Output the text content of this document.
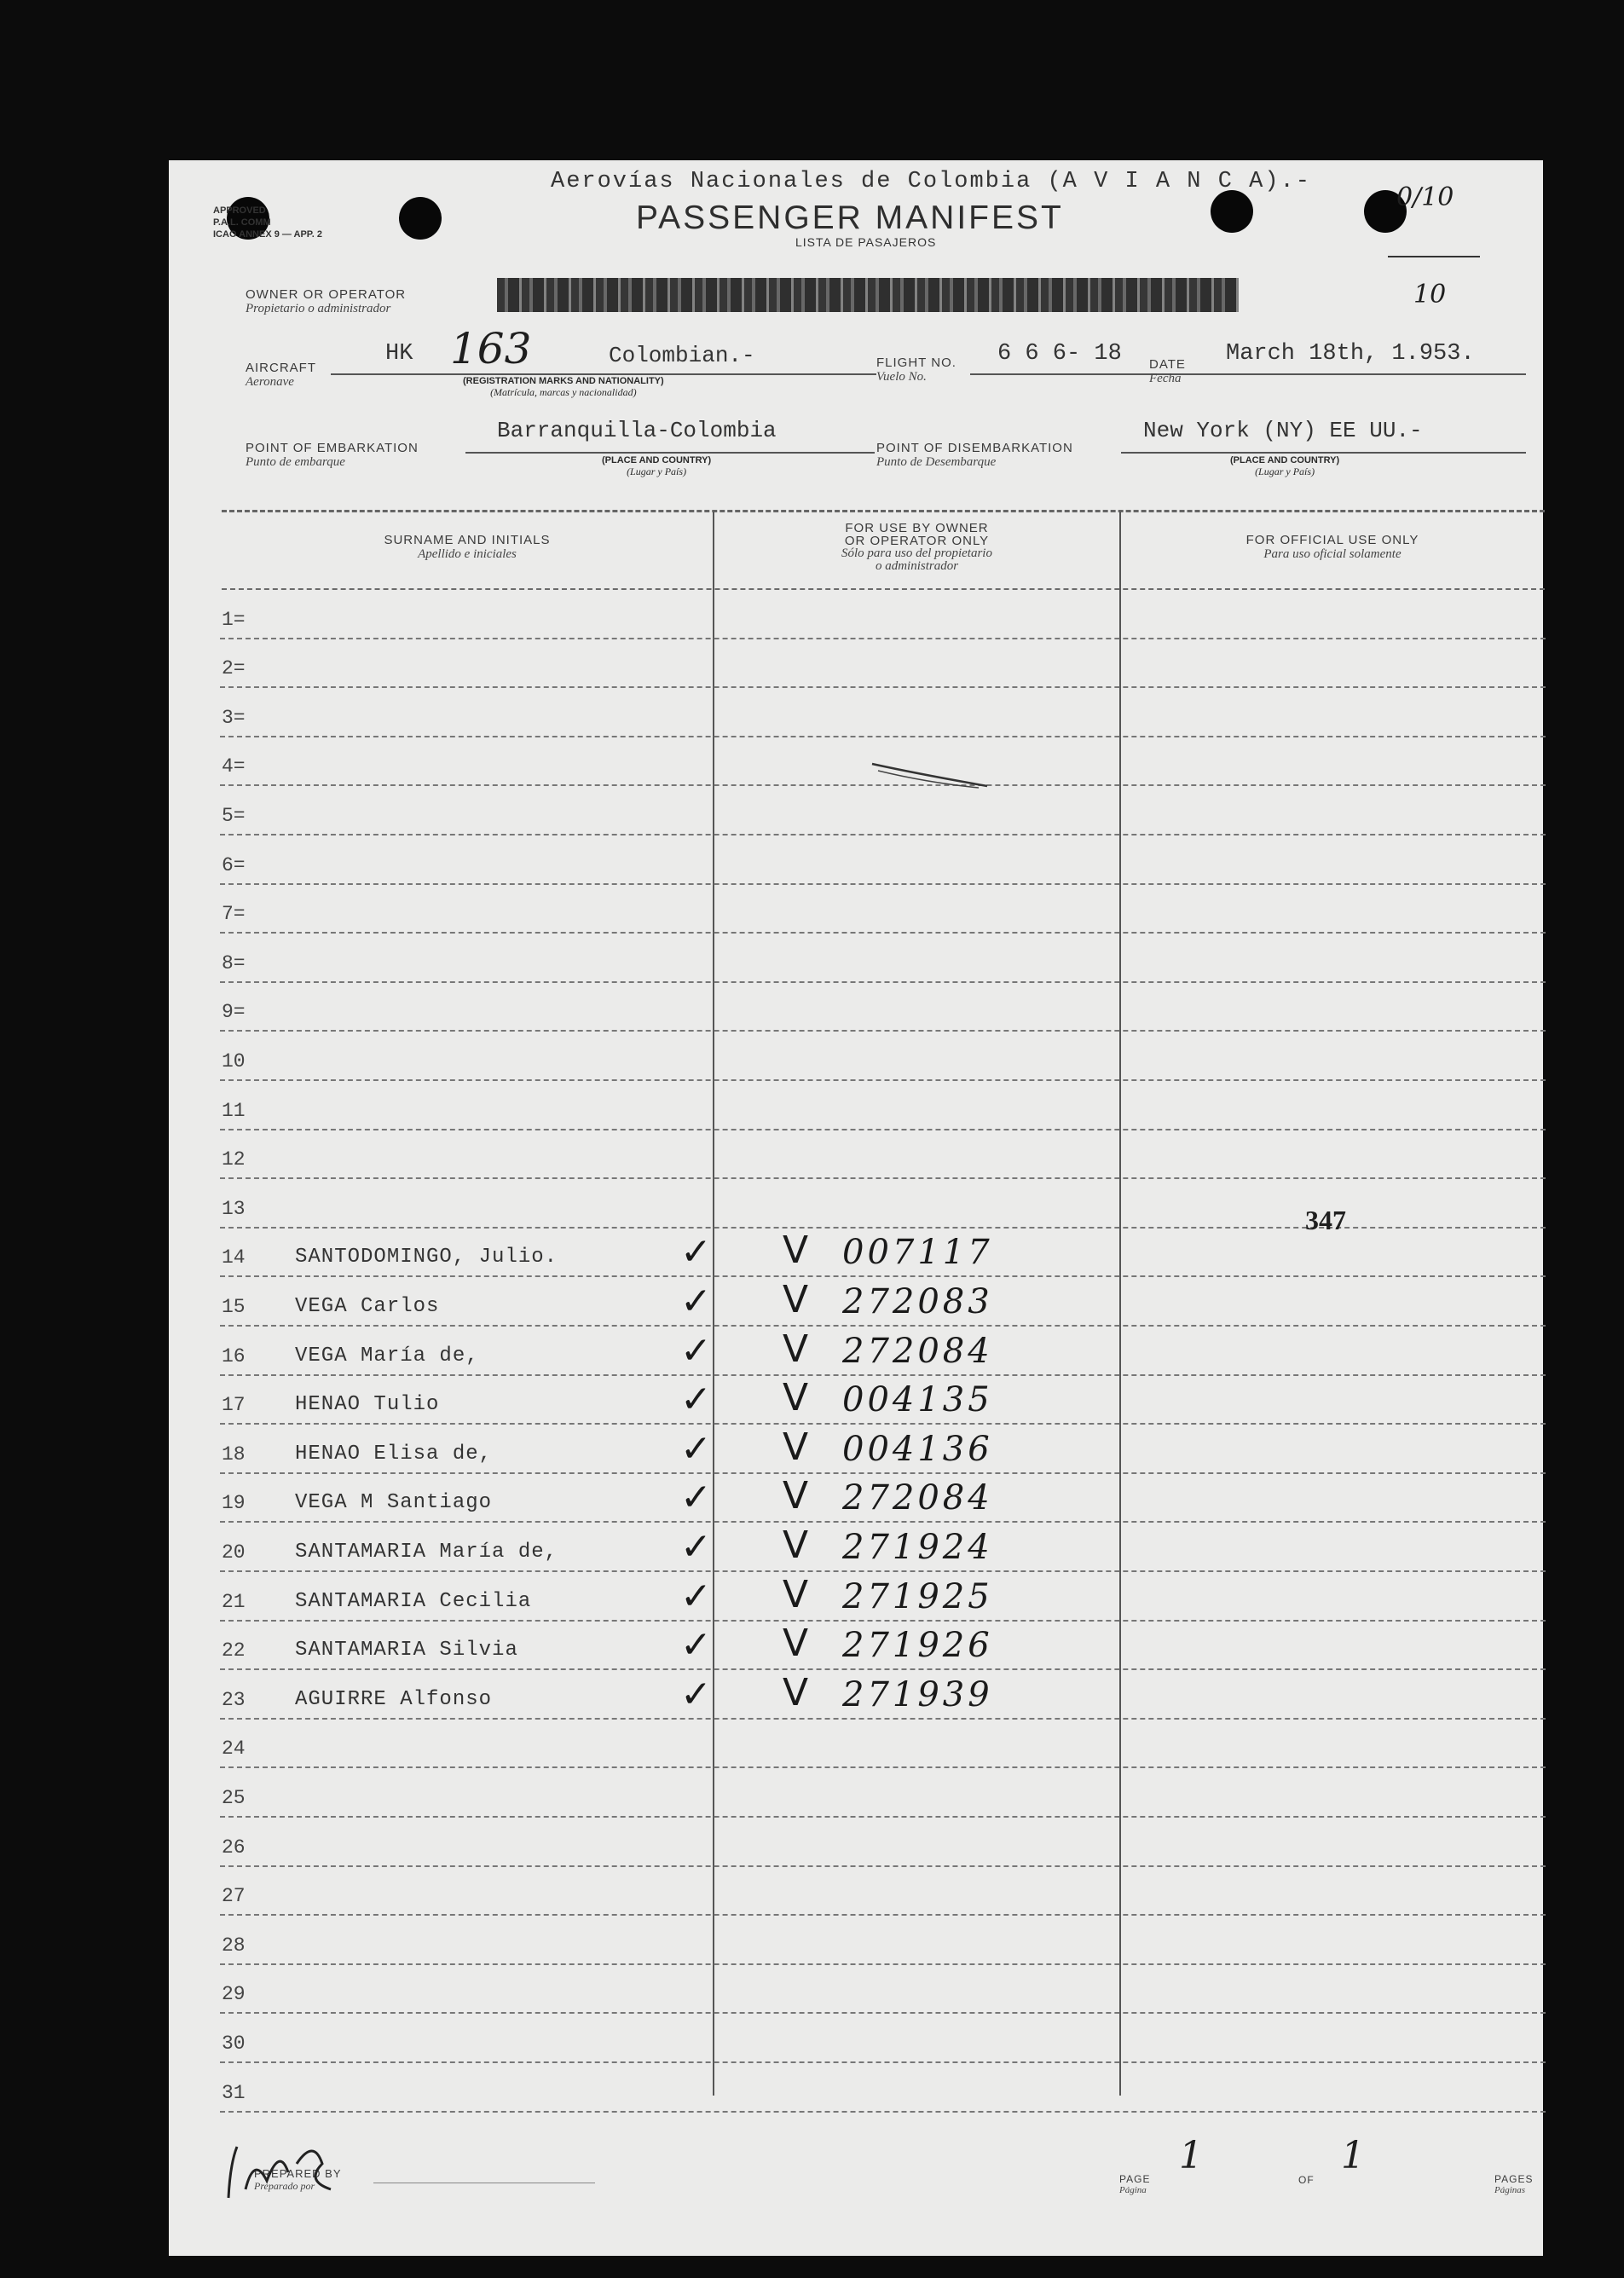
APPROVED
P.A.L. COMM
ICAO ANNEX 9 — APP. 2
Aerovías Nacionales de Colombia (A V I A N C A).-
PASSENGER MANIFEST
LISTA DE PASAJEROS
0/10
10
OWNER OR OPERATOR
Propietario o administrador
AIRCRAFT
Aeronave
HK 163	Colombian.-
(REGISTRATION MARKS AND NATIONALITY)
(Matrícula, marcas y nacionalidad)
FLIGHT NO.
Vuelo No.
6 6 6- 18 DATE
Fecha
March 18th, 1.953.
POINT OF EMBARKATION
Punto de embarque
Barranquilla-Colombia
(PLACE AND COUNTRY)
(Lugar y País)
POINT OF DISEMBARKATION
Punto de Desembarque
New York (NY) EE UU.-
(PLACE AND COUNTRY)
(Lugar y País)
SURNAME AND INITIALS
Apellido e iniciales
FOR USE BY OWNER
OR OPERATOR ONLY
Sólo para uso del propietario
o administrador
FOR OFFICIAL USE ONLY
Para uso oficial solamente
1=
2=
3=
4=
5=
6=
7=
8=
9=
10
11
12
13
14 SANTODOMINGO, Julio.	✓ V 007117
15 VEGA Carlos	✓ V 272083
16 VEGA María de,	✓ V 272084
17 HENAO Tulio	✓ V 004135
18 HENAO Elisa de,	✓ V 004136
19 VEGA M Santiago	✓ V 272084
20 SANTAMARIA María de,	✓ V 271924
21 SANTAMARIA Cecilia	✓ V 271925
22 SANTAMARIA Silvia	✓ V 271926
23 AGUIRRE Alfonso	✓ V 271939
24
25
26
27
28
29
30
31
347
PREPARED BY
Preparado por
PAGE
Página
1
OF
1
PAGES
Páginas
